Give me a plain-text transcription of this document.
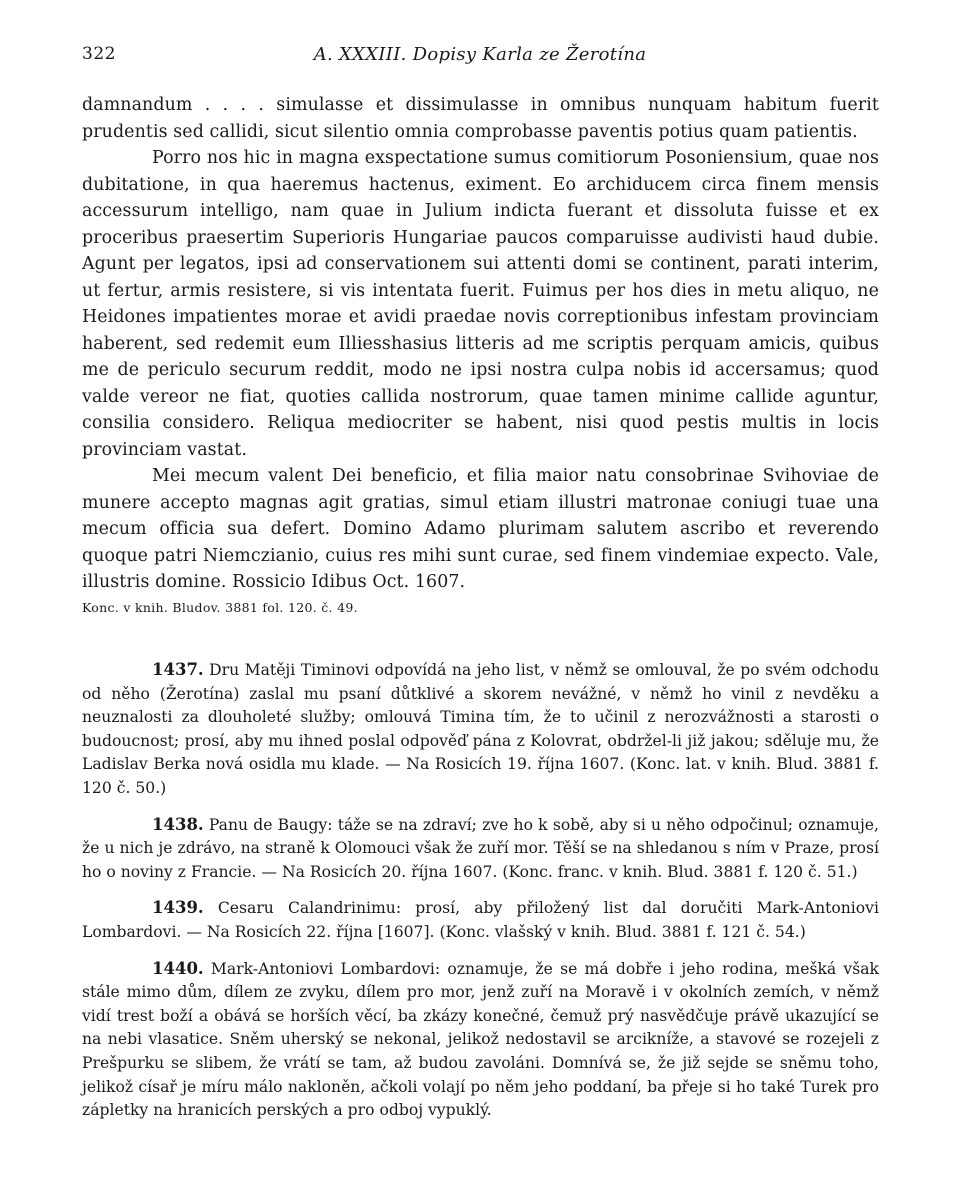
322	A. XXXIII. Dopisy Karla ze Žerotína

damnandum . . . . simulasse et dissimulasse in omnibus nunquam habitum fuerit prudentis sed callidi, sicut silentio omnia comprobasse paventis potius quam patientis.

Porro nos hic in magna exspectatione sumus comitiorum Posoniensium, quae nos dubitatione, in qua haeremus hactenus, eximent. Eo archiducem circa finem mensis accessurum intelligo, nam quae in Julium indicta fuerant et dissoluta fuisse et ex proceribus praesertim Superioris Hungariae paucos comparuisse audivisti haud dubie. Agunt per legatos, ipsi ad conservationem sui attenti domi se continent, parati interim, ut fertur, armis resistere, si vis intentata fuerit. Fuimus per hos dies in metu aliquo, ne Heidones impatientes morae et avidi praedae novis correptionibus infestam provinciam haberent, sed redemit eum Illiesshasius litteris ad me scriptis perquam amicis, quibus me de periculo securum reddit, modo ne ipsi nostra culpa nobis id accersamus; quod valde vereor ne fiat, quoties callida nostrorum, quae tamen minime callide aguntur, consilia considero. Reliqua mediocriter se habent, nisi quod pestis multis in locis provinciam vastat.

Mei mecum valent Dei beneficio, et filia maior natu consobrinae Svihoviae de munere accepto magnas agit gratias, simul etiam illustri matronae coniugi tuae una mecum officia sua defert. Domino Adamo plurimam salutem ascribo et reverendo quoque patri Niemczianio, cuius res mihi sunt curae, sed finem vindemiae expecto. Vale, illustris domine. Rossicio Idibus Oct. 1607.

Konc. v knih. Bludov. 3881 fol. 120. č. 49.

1437. Dru Matěji Timinovi odpovídá na jeho list, v němž se omlouval, že po svém odchodu od něho (Žerotína) zaslal mu psaní důtklivé a skorem nevážné, v němž ho vinil z nevděku a neuznalosti za dlouholeté služby; omlouvá Timina tím, že to učinil z nerozvážnosti a starosti o budoucnost; prosí, aby mu ihned poslal odpověď pána z Kolovrat, obdržel-li již jakou; sděluje mu, že Ladislav Berka nová osidla mu klade. — Na Rosicích 19. října 1607. (Konc. lat. v knih. Blud. 3881 f. 120 č. 50.)

1438. Panu de Baugy: táže se na zdraví; zve ho k sobě, aby si u něho odpočinul; oznamuje, že u nich je zdrávo, na straně k Olomouci však že zuří mor. Těší se na shledanou s ním v Praze, prosí ho o noviny z Francie. — Na Rosicích 20. října 1607. (Konc. franc. v knih. Blud. 3881 f. 120 č. 51.)

1439. Cesaru Calandrinimu: prosí, aby přiložený list dal doručiti Mark-Antoniovi Lombardovi. — Na Rosicích 22. října [1607]. (Konc. vlašský v knih. Blud. 3881 f. 121 č. 54.)

1440. Mark-Antoniovi Lombardovi: oznamuje, že se má dobře i jeho rodina, mešká však stále mimo dům, dílem ze zvyku, dílem pro mor, jenž zuří na Moravě i v okolních zemích, v němž vidí trest boží a obává se horších věcí, ba zkázy konečné, čemuž prý nasvědčuje právě ukazující se na nebi vlasatice. Sněm uherský se nekonal, jelikož nedostavil se arcikníže, a stavové se rozejeli z Prešpurku se slibem, že vrátí se tam, až budou zavoláni. Domnívá se, že již sejde se sněmu toho, jelikož císař je míru málo nakloněn, ačkoli volají po něm jeho poddaní, ba přeje si ho také Turek pro zápletky na hranicích perských a pro odboj vypuklý.
